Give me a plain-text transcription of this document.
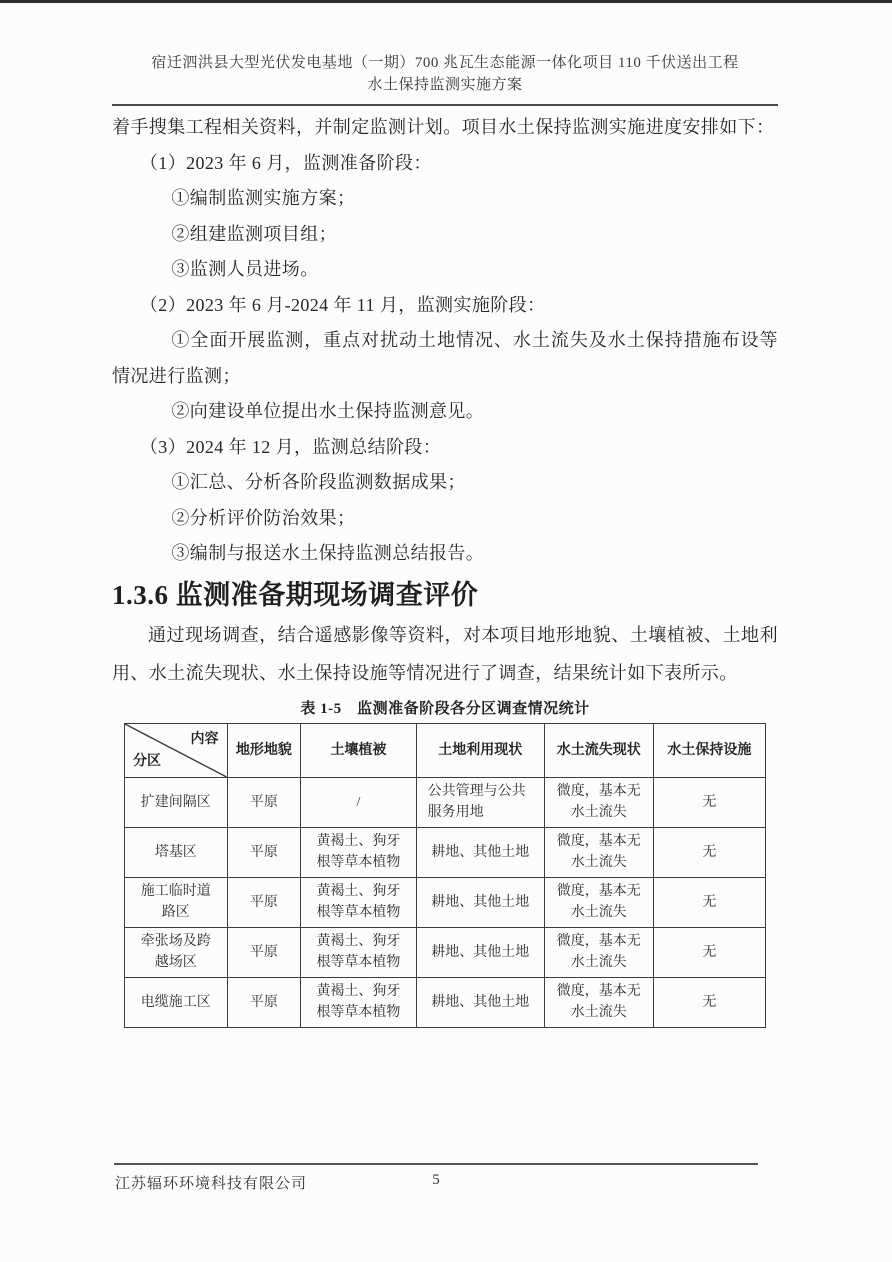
宿迁泗洪县大型光伏发电基地（一期）700 兆瓦生态能源一体化项目 110 千伏送出工程
水土保持监测实施方案

着手搜集工程相关资料，并制定监测计划。项目水土保持监测实施进度安排如下：

（1）2023 年 6 月，监测准备阶段：

①编制监测实施方案；

②组建监测项目组；

③监测人员进场。

（2）2023 年 6 月-2024 年 11 月，监测实施阶段：

①全面开展监测，重点对扰动土地情况、水土流失及水土保持措施布设等情况进行监测；

②向建设单位提出水土保持监测意见。

（3）2024 年 12 月，监测总结阶段：

①汇总、分析各阶段监测数据成果；

②分析评价防治效果；

③编制与报送水土保持监测总结报告。

1.3.6 监测准备期现场调查评价

通过现场调查，结合遥感影像等资料，对本项目地形地貌、土壤植被、土地利用、水土流失现状、水土保持设施等情况进行了调查，结果统计如下表所示。

表 1-5　监测准备阶段各分区调查情况统计
内容
分区	地形地貌	土壤植被	土地利用现状	水土流失现状	水土保持设施
扩建间隔区	平原	/	公共管理与公共服务用地	微度，基本无水土流失	无
塔基区	平原	黄褐土、狗牙根等草本植物	耕地、其他土地	微度，基本无水土流失	无
施工临时道路区	平原	黄褐土、狗牙根等草本植物	耕地、其他土地	微度，基本无水土流失	无
牵张场及跨越场区	平原	黄褐土、狗牙根等草本植物	耕地、其他土地	微度，基本无水土流失	无
电缆施工区	平原	黄褐土、狗牙根等草本植物	耕地、其他土地	微度，基本无水土流失	无
5
江苏辐环环境科技有限公司
